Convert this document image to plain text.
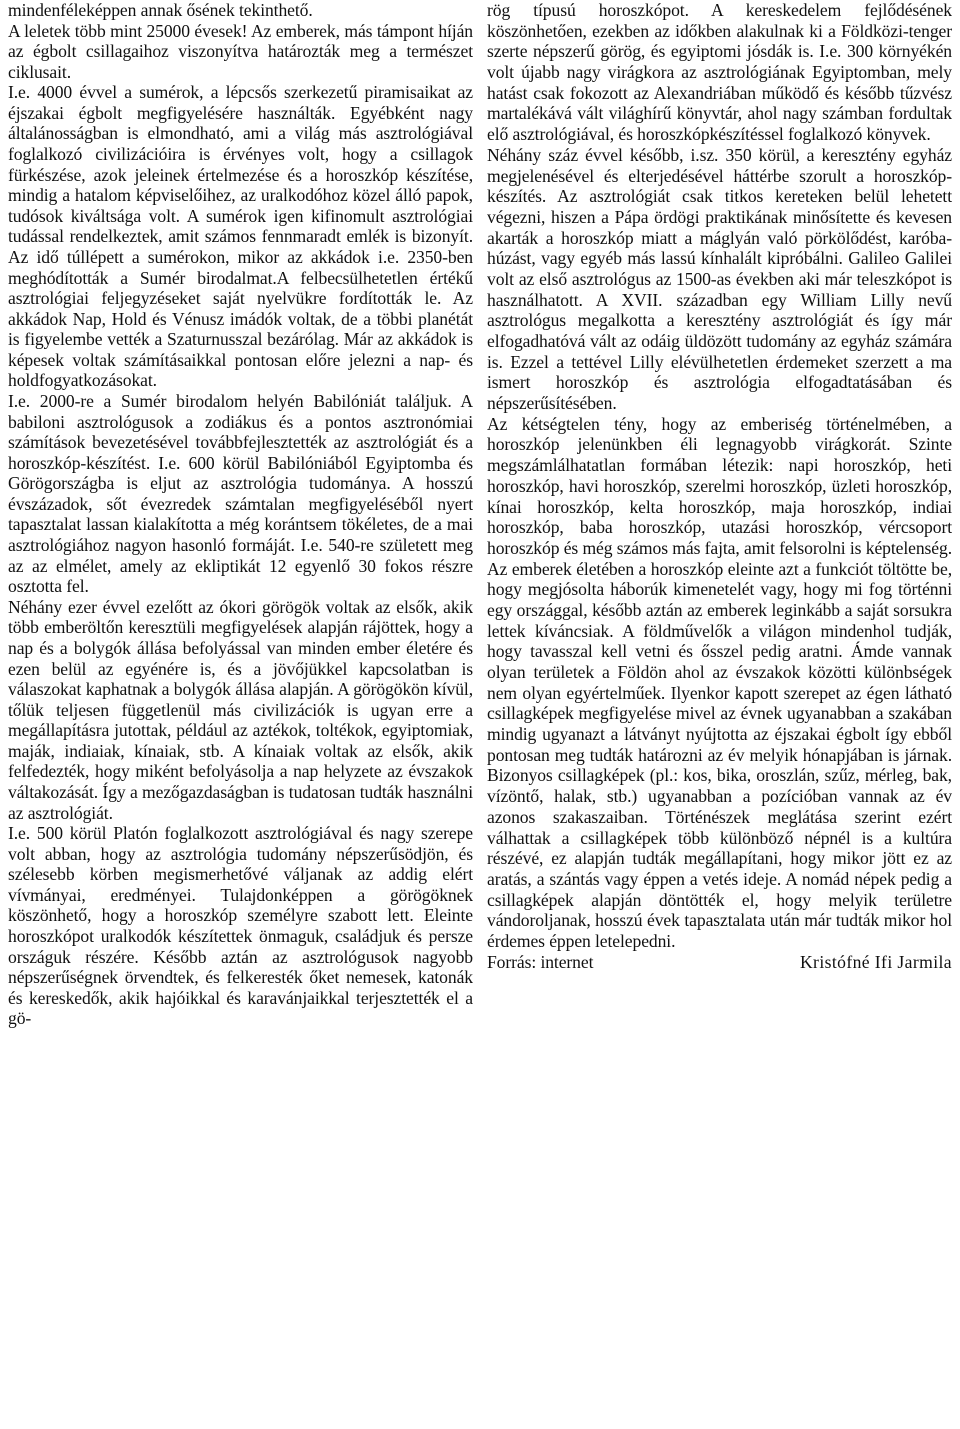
mindenféleképpen annak ősének tekinthető.

A leletek több mint 25000 évesek! Az emberek, más támpont híján az égbolt csillagaihoz viszonyítva határozták meg a természet ciklusait.

I.e. 4000 évvel a sumérok, a lépcsős szerkezetű piramisaikat az éjszakai égbolt megfigyelésére használták. Egyébként nagy általánosságban is elmondható, ami a világ más asztrológiával foglalkozó civilizációira is érvényes volt, hogy a csillagok fürkészése, azok jeleinek értelmezése és a horoszkóp készítése, mindig a hatalom képviselőihez, az uralkodóhoz közel álló papok, tudósok kiváltsága volt. A sumérok igen kifinomult asztrológiai tudással rendelkeztek, amit számos fennmaradt emlék is bizonyít. Az idő túllépett a sumérokon, mikor az akkádok i.e. 2350-ben meghódították a Sumér birodalmat.A felbecsülhetetlen értékű asztrológiai feljegyzéseket saját nyelvükre fordították le. Az akkádok Nap, Hold és Vénusz imádók voltak, de a többi planétát is figyelembe vették a Szaturnusszal bezárólag. Már az akkádok is képesek voltak számításaikkal pontosan előre jelezni a nap- és holdfogyatkozásokat.

I.e. 2000-re a Sumér birodalom helyén Babilóniát találjuk. A babiloni asztrológusok a zodiákus és a pontos asztronómiai számítások bevezetésével továbbfejlesztették az asztrológiát és a horoszkóp-készítést. I.e. 600 körül Babilóniából Egyiptomba és Görögországba is eljut az asztrológia tudománya. A hosszú évszázadok, sőt évezredek számtalan megfigyeléséből nyert tapasztalat lassan kialakította a még korántsem tökéletes, de a mai asztrológiához nagyon hasonló formáját. I.e. 540-re született meg az az elmélet, amely az ekliptikát 12 egyenlő 30 fokos részre osztotta fel.

Néhány ezer évvel ezelőtt az ókori görögök voltak az elsők, akik több emberöltőn keresztüli megfigyelések alapján rájöttek, hogy a nap és a bolygók állása befolyással van minden ember életére és ezen belül az egyénére is, és a jövőjükkel kapcsolatban is válaszokat kaphatnak a bolygók állása alapján. A görögökön kívül, tőlük teljesen függetlenül más civilizációk is ugyan erre a megállapításra jutottak, például az aztékok, toltékok, egyiptomiak, maják, indiaiak, kínaiak, stb. A kínaiak voltak az elsők, akik felfedezték, hogy miként befolyásolja a nap helyzete az évszakok váltakozását. Így a mezőgazdaságban is tudatosan tudták használni az asztrológiát.

I.e. 500 körül Platón foglalkozott asztrológiával és nagy szerepe volt abban, hogy az asztrológia tudomány népszerűsödjön, és szélesebb körben megismerhetővé váljanak az addig elért vívmányai, eredményei. Tulajdonképpen a görögöknek köszönhető, hogy a horoszkóp személyre szabott lett. Eleinte horoszkópot uralkodók készítettek önmaguk, családjuk és persze országuk részére. Később aztán az asztrológusok nagyobb népszerűségnek örvendtek, és felkeresték őket nemesek, katonák és kereskedők, akik hajóikkal és karavánjaikkal terjesztették el a gö-

rög típusú horoszkópot. A kereskedelem fejlődésének köszönhetően, ezekben az időkben alakulnak ki a Földközi-tenger szerte népszerű görög, és egyiptomi jósdák is. I.e. 300 környékén volt újabb nagy virágkora az asztrológiának Egyiptomban, mely hatást csak fokozott az Alexandriában működő és később tűzvész martalékává vált világhírű könyvtár, ahol nagy számban fordultak elő asztrológiával, és horoszkópkészítéssel foglalkozó könyvek.

Néhány száz évvel később, i.sz. 350 körül, a keresztény egyház megjelenésével és elterjedésével háttérbe szorult a horoszkóp-készítés. Az asztrológiát csak titkos kereteken belül lehetett végezni, hiszen a Pápa ördögi praktikának minősítette és kevesen akarták a horoszkóp miatt a máglyán való pörkölődést, karóba-húzást, vagy egyéb más lassú kínhalált kipróbálni. Galileo Galilei volt az első asztrológus az 1500-as években aki már teleszkópot is használhatott. A XVII. században egy William Lilly nevű asztrológus megalkotta a keresztény asztrológiát és így már elfogadhatóvá vált az odáig üldözött tudomány az egyház számára is. Ezzel a tettével Lilly elévülhetetlen érdemeket szerzett a ma ismert horoszkóp és asztrológia elfogadtatásában és népszerűsítésében.

Az kétségtelen tény, hogy az emberiség történelmében, a horoszkóp jelenünkben éli legnagyobb virágkorát. Szinte megszámlálhatatlan formában létezik: napi horoszkóp, heti horoszkóp, havi horoszkóp, szerelmi horoszkóp, üzleti horoszkóp, kínai horoszkóp, kelta horoszkóp, maja horoszkóp, indiai horoszkóp, baba horoszkóp, utazási horoszkóp, vércsoport horoszkóp és még számos más fajta, amit felsorolni is képtelenség. Az emberek életében a horoszkóp eleinte azt a funkciót töltötte be, hogy megjósolta háborúk kimenetelét vagy, hogy mi fog történni egy országgal, később aztán az emberek leginkább a saját sorsukra lettek kíváncsiak. A földművelők a világon mindenhol tudják, hogy tavasszal kell vetni és ősszel pedig aratni. Ámde vannak olyan területek a Földön ahol az évszakok közötti különbségek nem olyan egyértelműek. Ilyenkor kapott szerepet az égen látható csillagképek megfigyelése mivel az évnek ugyanabban a szakában mindig ugyanazt a látványt nyújtotta az éjszakai égbolt így ebből pontosan meg tudták határozni az év melyik hónapjában is járnak. Bizonyos csillagképek (pl.: kos, bika, oroszlán, szűz, mérleg, bak, vízöntő, halak, stb.) ugyanabban a pozícióban vannak az év azonos szakaszaiban. Történészek meglátása szerint ezért válhattak a csillagképek több különböző népnél is a kultúra részévé, ez alapján tudták megállapítani, hogy mikor jött ez az aratás, a szántás vagy éppen a vetés ideje. A nomád népek pedig a csillagképek alapján döntötték el, hogy melyik területre vándoroljanak, hosszú évek tapasztalata után már tudták mikor hol érdemes éppen letelepedni.

Forrás: internet	Kristófné Ifi Jarmila
